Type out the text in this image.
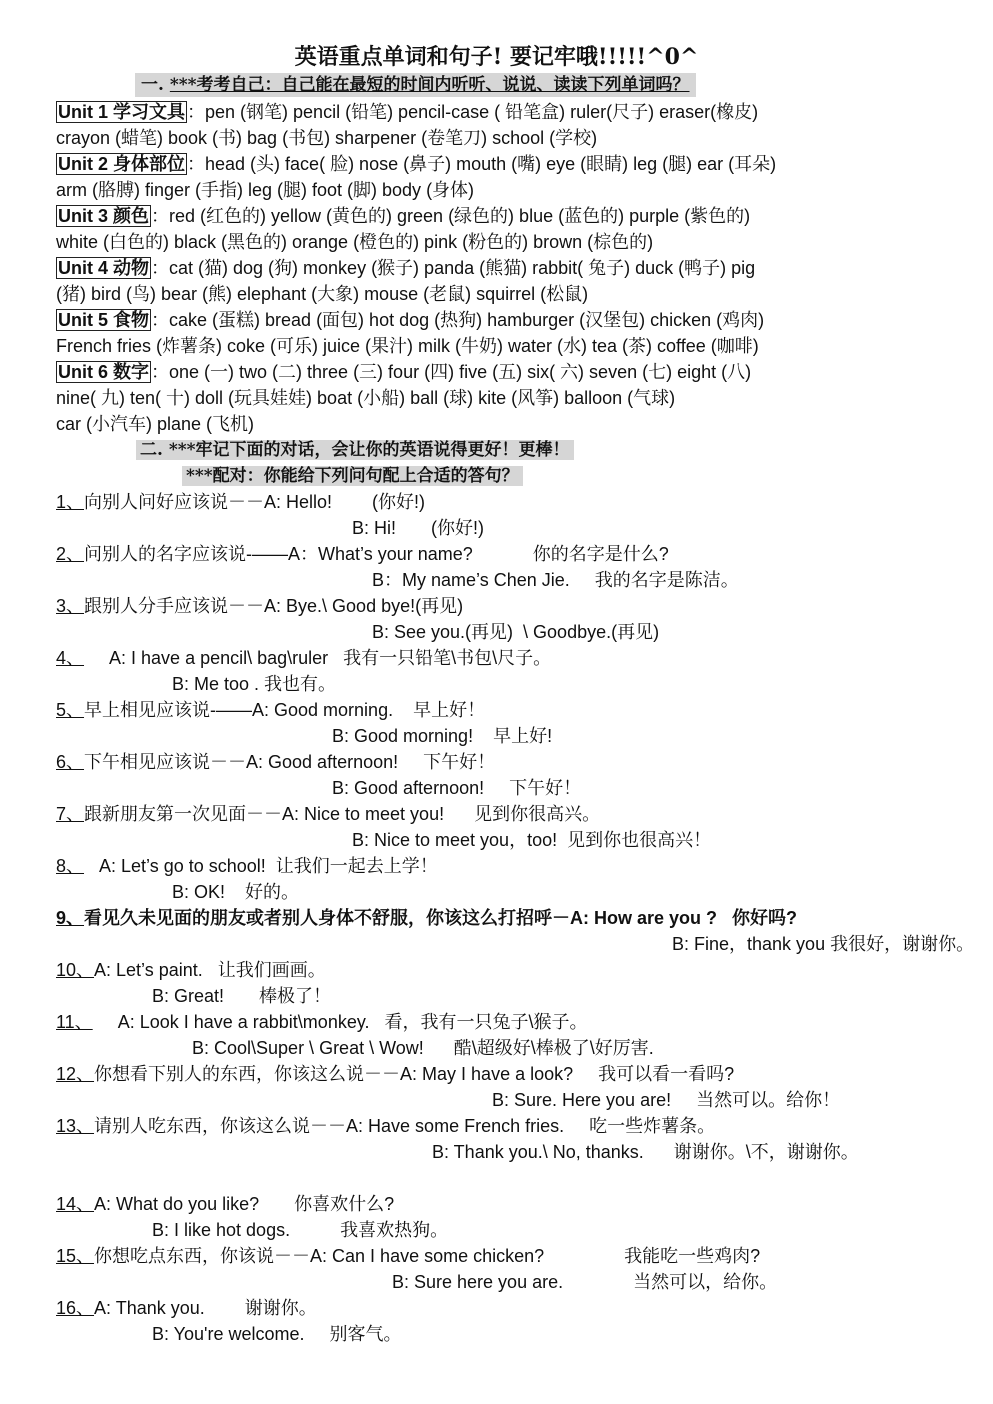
英语重点单词和句子! 要记牢哦!!!!!^0^
一. ***考考自己：自己能在最短的时间内听听、说说、读读下列单词吗？
Unit 1 学习文具 ：pen (钢笔) pencil (铅笔) pencil-case ( 铅笔盒) ruler(尺子) eraser(橡皮)
crayon (蜡笔) book (书) bag (书包) sharpener (卷笔刀) school (学校)
Unit 2 身体部位 ：head (头) face( 脸) nose (鼻子) mouth (嘴) eye (眼睛) leg (腿) ear (耳朵)
arm (胳膊) finger (手指) leg (腿) foot (脚) body (身体)
Unit 3 颜色 ：red (红色的) yellow (黄色的) green (绿色的) blue (蓝色的) purple (紫色的)
white (白色的) black (黑色的) orange (橙色的) pink (粉色的) brown (棕色的)
Unit 4 动物 ：cat (猫) dog (狗) monkey (猴子) panda (熊猫) rabbit( 兔子) duck (鸭子) pig
(猪) bird (鸟) bear (熊) elephant (大象) mouse (老鼠) squirrel (松鼠)
Unit 5 食物 ：cake (蛋糕) bread (面包) hot dog (热狗) hamburger (汉堡包) chicken (鸡肉)
French fries (炸薯条) coke (可乐) juice (果汁) milk (牛奶) water (水) tea (茶) coffee (咖啡)
Unit 6 数字 ：one (一) two (二) three (三) four (四) five (五) six( 六) seven (七) eight (八)
nine( 九) ten( 十) doll (玩具娃娃) boat (小船) ball (球) kite (风筝) balloon (气球)
car (小汽车) plane (飞机)
二. ***牢记下面的对话，会让你的英语说得更好！更棒！
***配对：你能给下列问句配上合适的答句？
1、向别人问好应该说－－A: Hello!        (你好!)
B: Hi!       (你好!)
2、问别人的名字应该说-——A：What’s your name?            你的名字是什么?
B：My name’s Chen Jie.     我的名字是陈洁。
3、跟别人分手应该说－－A: Bye.\ Good bye!(再见)
B: See you.(再见)  \ Goodbye.(再见)
4、     A: I have a pencil\ bag\ruler   我有一只铅笔\书包\尺子。
B: Me too . 我也有。
5、早上相见应该说-——A: Good morning.    早上好！
B: Good morning!    早上好!
6、下午相见应该说－－A: Good afternoon!     下午好！
B: Good afternoon!     下午好！
7、跟新朋友第一次见面－－A: Nice to meet you!      见到你很高兴。
B: Nice to meet you，too!  见到你也很高兴！
8、   A: Let’s go to school!  让我们一起去上学！
B: OK!    好的。
9、看见久未见面的朋友或者别人身体不舒服，你该这么打招呼－A: How are you ?   你好吗?
B: Fine，thank you 我很好，谢谢你。
10、A: Let’s paint.   让我们画画。
B: Great!       棒极了！
11、     A: Look I have a rabbit\monkey.   看，我有一只兔子\猴子。
B: Cool\Super \ Great \ Wow!      酷\超级好\棒极了\好厉害.
12、你想看下别人的东西，你该这么说－－A: May I have a look?     我可以看一看吗?
B: Sure. Here you are!     当然可以。给你！
13、请别人吃东西，你该这么说－－A: Have some French fries.     吃一些炸薯条。
B: Thank you.\ No, thanks.      谢谢你。\不，谢谢你。
14、A: What do you like?       你喜欢什么?
B: I like hot dogs.          我喜欢热狗。
15、你想吃点东西，你该说－－A: Can I have some chicken?                我能吃一些鸡肉?
B: Sure here you are.              当然可以，给你。
16、A: Thank you.        谢谢你。
B: You're welcome.     别客气。
